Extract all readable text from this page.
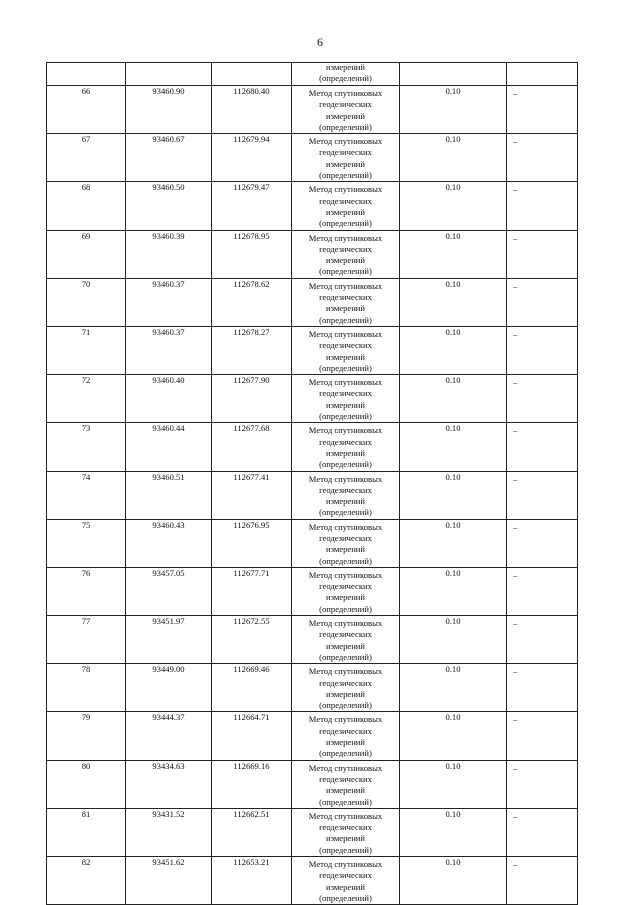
6

			измерений
(определений)		

66	93460.90	112680.40	Метод спутниковых
геодезических
измерений
(определений)	0.10	–
67	93460.67	112679.94	Метод спутниковых
геодезических
измерений
(определений)	0.10	–
68	93460.50	112679.47	Метод спутниковых
геодезических
измерений
(определений)	0.10	–
69	93460.39	112678.95	Метод спутниковых
геодезических
измерений
(определений)	0.10	–
70	93460.37	112678.62	Метод спутниковых
геодезических
измерений
(определений)	0.10	–
71	93460.37	112678.27	Метод спутниковых
геодезических
измерений
(определений)	0.10	–
72	93460.40	112677.90	Метод спутниковых
геодезических
измерений
(определений)	0.10	–
73	93460.44	112677.68	Метод спутниковых
геодезических
измерений
(определений)	0.10	–
74	93460.51	112677.41	Метод спутниковых
геодезических
измерений
(определений)	0.10	–
75	93460.43	112676.95	Метод спутниковых
геодезических
измерений
(определений)	0.10	–
76	93457.05	112677.71	Метод спутниковых
геодезических
измерений
(определений)	0.10	–
77	93451.97	112672.55	Метод спутниковых
геодезических
измерений
(определений)	0.10	–
78	93449.00	112669.46	Метод спутниковых
геодезических
измерений
(определений)	0.10	–
79	93444.37	112664.71	Метод спутниковых
геодезических
измерений
(определений)	0.10	–
80	93434.63	112669.16	Метод спутниковых
геодезических
измерений
(определений)	0.10	–
81	93431.52	112662.51	Метод спутниковых
геодезических
измерений
(определений)	0.10	–
82	93451.62	112653.21	Метод спутниковых
геодезических
измерений
(определений)	0.10	–
